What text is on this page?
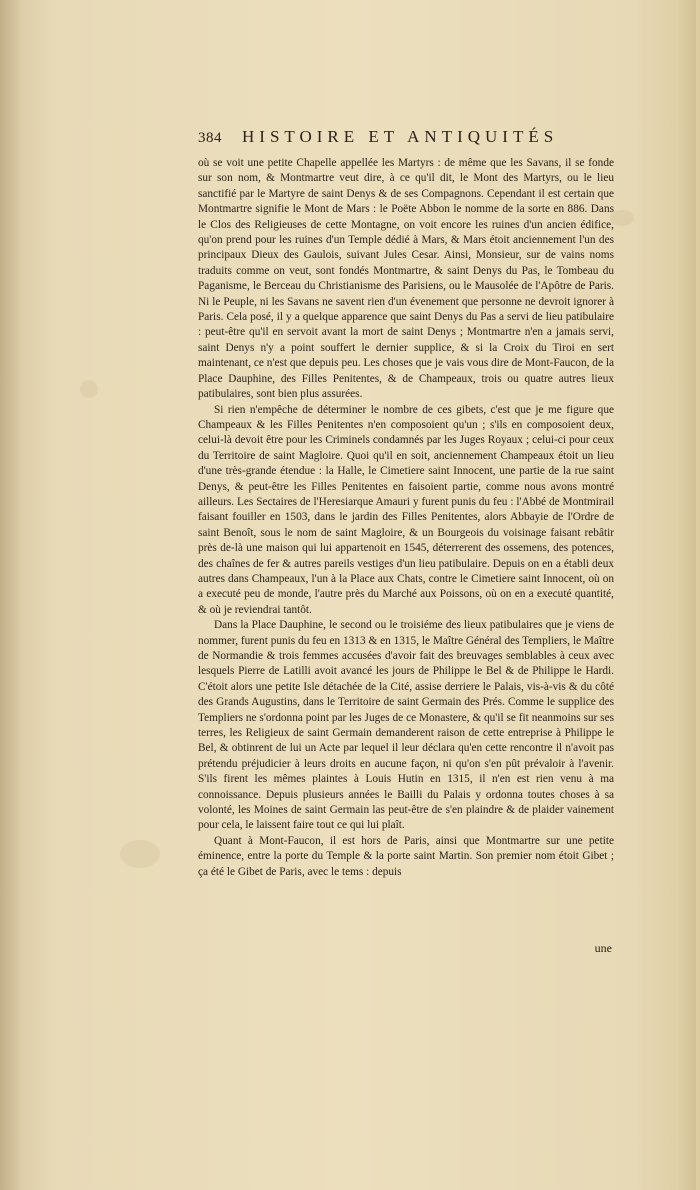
384 HISTOIRE ET ANTIQUITÉS

où se voit une petite Chapelle appellée les Martyrs : de même que les Savans, il se fonde sur son nom, & Montmartre veut dire, à ce qu'il dit, le Mont des Martyrs, ou le lieu sanctifié par le Martyre de saint Denys & de ses Compagnons. Cependant il est certain que Montmartre signifie le Mont de Mars : le Poëte Abbon le nomme de la sorte en 886. Dans le Clos des Religieuses de cette Montagne, on voit encore les ruines d'un ancien édifice, qu'on prend pour les ruines d'un Temple dédié à Mars, & Mars étoit anciennement l'un des principaux Dieux des Gaulois, suivant Jules Cesar. Ainsi, Monsieur, sur de vains noms traduits comme on veut, sont fondés Montmartre, & saint Denys du Pas, le Tombeau du Paganisme, le Berceau du Christianisme des Parisiens, ou le Mausolée de l'Apôtre de Paris. Ni le Peuple, ni les Savans ne savent rien d'un évenement que personne ne devroit ignorer à Paris. Cela posé, il y a quelque apparence que saint Denys du Pas a servi de lieu patibulaire : peut-être qu'il en servoit avant la mort de saint Denys ; Montmartre n'en a jamais servi, saint Denys n'y a point souffert le dernier supplice, & si la Croix du Tiroi en sert maintenant, ce n'est que depuis peu. Les choses que je vais vous dire de Mont-Faucon, de la Place Dauphine, des Filles Penitentes, & de Champeaux, trois ou quatre autres lieux patibulaires, sont bien plus assurées.

Si rien n'empêche de déterminer le nombre de ces gibets, c'est que je me figure que Champeaux & les Filles Penitentes n'en composoient qu'un ; s'ils en composoient deux, celui-là devoit être pour les Criminels condamnés par les Juges Royaux ; celui-ci pour ceux du Territoire de saint Magloire. Quoi qu'il en soit, anciennement Champeaux étoit un lieu d'une très-grande étendue : la Halle, le Cimetiere saint Innocent, une partie de la rue saint Denys, & peut-être les Filles Penitentes en faisoient partie, comme nous avons montré ailleurs. Les Sectaires de l'Heresiarque Amauri y furent punis du feu : l'Abbé de Montmirail faisant fouiller en 1503, dans le jardin des Filles Penitentes, alors Abbayie de l'Ordre de saint Benoît, sous le nom de saint Magloire, & un Bourgeois du voisinage faisant rebâtir près de-là une maison qui lui appartenoit en 1545, déterrerent des ossemens, des potences, des chaînes de fer & autres pareils vestiges d'un lieu patibulaire. Depuis on en a établi deux autres dans Champeaux, l'un à la Place aux Chats, contre le Cimetiere saint Innocent, où on a executé peu de monde, l'autre près du Marché aux Poissons, où on en a executé quantité, & où je reviendrai tantôt.

Dans la Place Dauphine, le second ou le troisiéme des lieux patibulaires que je viens de nommer, furent punis du feu en 1313 & en 1315, le Maître Général des Templiers, le Maître de Normandie & trois femmes accusées d'avoir fait des breuvages semblables à ceux avec lesquels Pierre de Latilli avoit avancé les jours de Philippe le Bel & de Philippe le Hardi. C'étoit alors une petite Isle détachée de la Cité, assise derriere le Palais, vis-à-vis & du côté des Grands Augustins, dans le Territoire de saint Germain des Prés. Comme le supplice des Templiers ne s'ordonna point par les Juges de ce Monastere, & qu'il se fit neanmoins sur ses terres, les Religieux de saint Germain demanderent raison de cette entreprise à Philippe le Bel, & obtinrent de lui un Acte par lequel il leur déclara qu'en cette rencontre il n'avoit pas prétendu préjudicier à leurs droits en aucune façon, ni qu'on s'en pût prévaloir à l'avenir. S'ils firent les mêmes plaintes à Louis Hutin en 1315, il n'en est rien venu à ma connoissance. Depuis plusieurs années le Bailli du Palais y ordonna toutes choses à sa volonté, les Moines de saint Germain las peut-être de s'en plaindre & de plaider vainement pour cela, le laissent faire tout ce qui lui plaît.

Quant à Mont-Faucon, il est hors de Paris, ainsi que Montmartre sur une petite éminence, entre la porte du Temple & la porte saint Martin. Son premier nom étoit Gibet ; ça été le Gibet de Paris, avec le tems : depuis

une
